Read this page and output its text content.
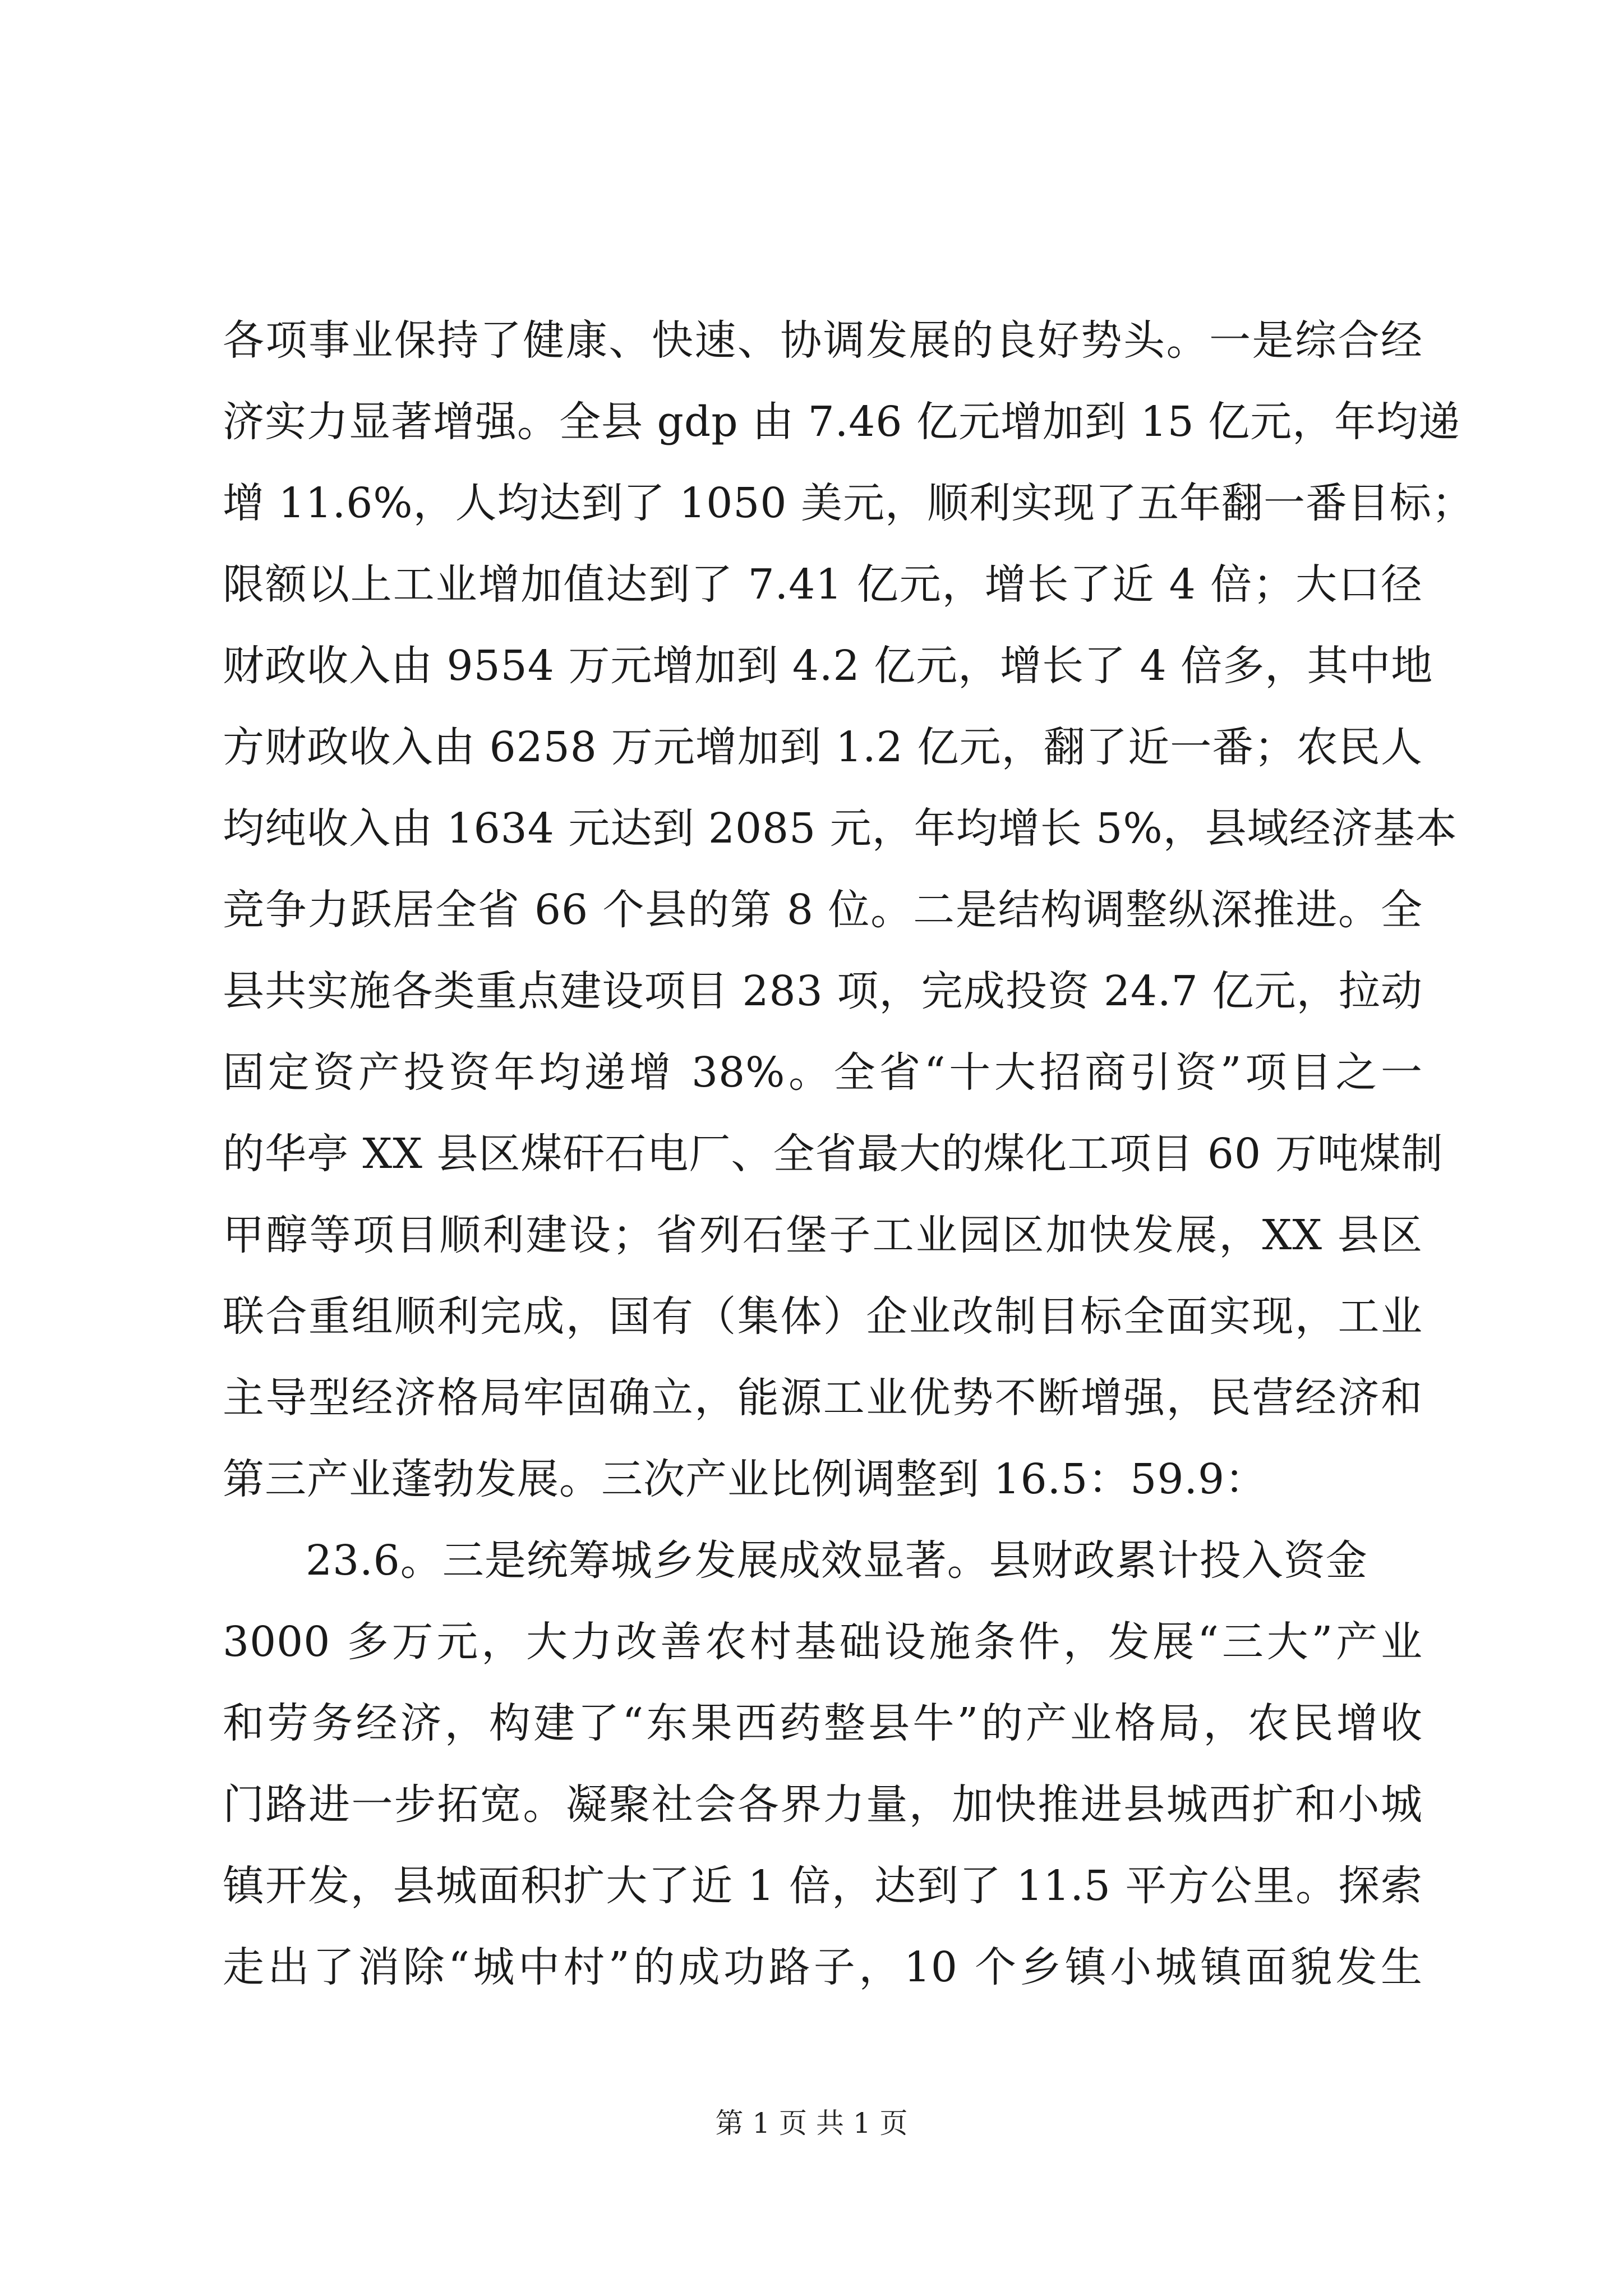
各项事业保持了健康、快速、协调发展的良好势头。一是综合经
济实力显著增强。全县 gdp 由 7.46 亿元增加到 15 亿元，年均递
增 11.6%，人均达到了 1050 美元，顺利实现了五年翻一番目标；
限额以上工业增加值达到了 7.41 亿元，增长了近 4 倍；大口径
财政收入由 9554 万元增加到 4.2 亿元，增长了 4 倍多，其中地
方财政收入由 6258 万元增加到 1.2 亿元，翻了近一番；农民人
均纯收入由 1634 元达到 2085 元，年均增长 5%，县域经济基本
竞争力跃居全省 66 个县的第 8 位。二是结构调整纵深推进。全
县共实施各类重点建设项目 283 项，完成投资 24.7 亿元，拉动
固定资产投资年均递增 38%。全省“十大招商引资”项目之一
的华亭 XX 县区煤矸石电厂、全省最大的煤化工项目 60 万吨煤制
甲醇等项目顺利建设；省列石堡子工业园区加快发展，XX 县区
联合重组顺利完成，国有（集体）企业改制目标全面实现，工业
主导型经济格局牢固确立，能源工业优势不断增强，民营经济和
第三产业蓬勃发展。三次产业比例调整到 16.5：59.9：
23.6。三是统筹城乡发展成效显著。县财政累计投入资金
3000 多万元，大力改善农村基础设施条件，发展“三大”产业
和劳务经济，构建了“东果西药整县牛”的产业格局，农民增收
门路进一步拓宽。凝聚社会各界力量，加快推进县城西扩和小城
镇开发，县城面积扩大了近 1 倍，达到了 11.5 平方公里。探索
走出了消除“城中村”的成功路子，10 个乡镇小城镇面貌发生
第 1 页 共 1 页
